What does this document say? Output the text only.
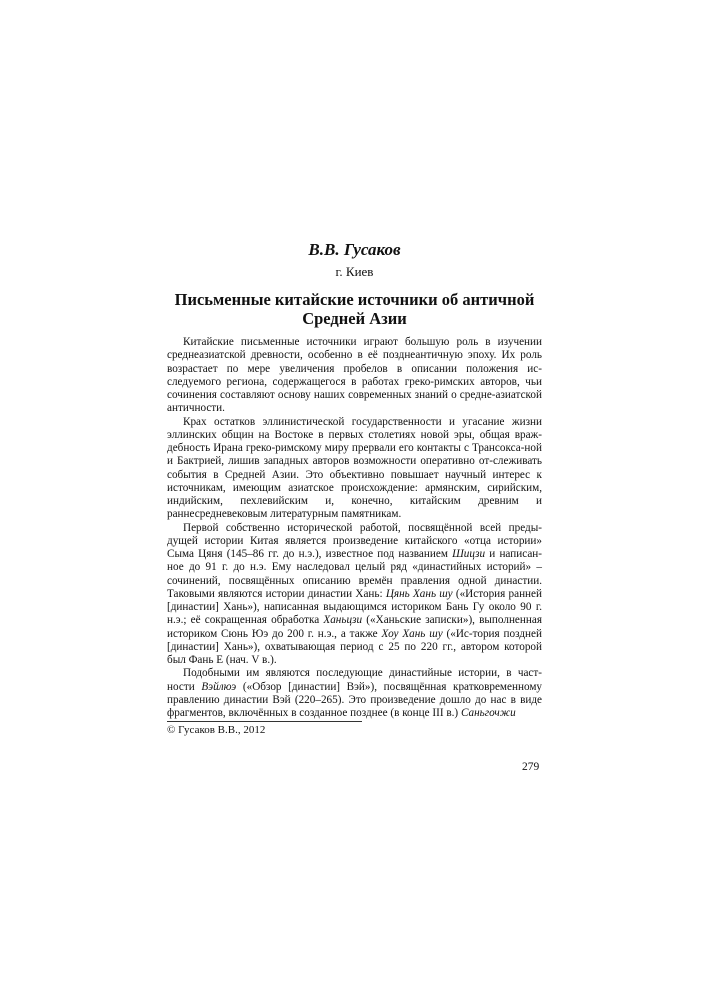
В.В. Гусаков
г. Киев
Письменные китайские источники об античной
Средней Азии

Китайские письменные источники играют большую роль в изучении среднеазиатской древности, особенно в её позднеантичную эпоху. Их роль возрастает по мере увеличения пробелов в описании положения ис-следуемого региона, содержащегося в работах греко-римских авторов, чьи сочинения составляют основу наших современных знаний о средне-азиатской античности.

Крах остатков эллинистической государственности и угасание жизни эллинских общин на Востоке в первых столетиях новой эры, общая враж-дебность Ирана греко-римскому миру прервали его контакты с Трансокса-ной и Бактрией, лишив западных авторов возможности оперативно от-слеживать события в Средней Азии. Это объективно повышает научный интерес к источникам, имеющим азиатское происхождение: армянским, сирийским, индийским, пехлевийским и, конечно, китайским древним и раннесредневековым литературным памятникам.

Первой собственно исторической работой, посвящённой всей преды-дущей истории Китая является произведение китайского «отца истории» Сыма Цяня (145–86 гг. до н.э.), известное под названием Шицзи и написан-ное до 91 г. до н.э. Ему наследовал целый ряд «династийных историй» – сочинений, посвящённых описанию времён правления одной династии. Таковыми являются истории династии Хань: Цянь Хань шу («История ранней [династии] Хань»), написанная выдающимся историком Бань Гу около 90 г. н.э.; её сокращенная обработка Ханьцзи («Ханьские записки»), выполненная историком Сюнь Юэ до 200 г. н.э., а также Хоу Хань шу («Ис-тория поздней [династии] Хань»), охватывающая период с 25 по 220 гг., автором которой был Фань Е (нач. V в.).

Подобными им являются последующие династийные истории, в част-ности Вэйлюэ («Обзор [династии] Вэй»), посвящённая кратковременному правлению династии Вэй (220–265). Это произведение дошло до нас в виде фрагментов, включённых в созданное позднее (в конце III в.) Саньгочжи

© Гусаков В.В., 2012
279
